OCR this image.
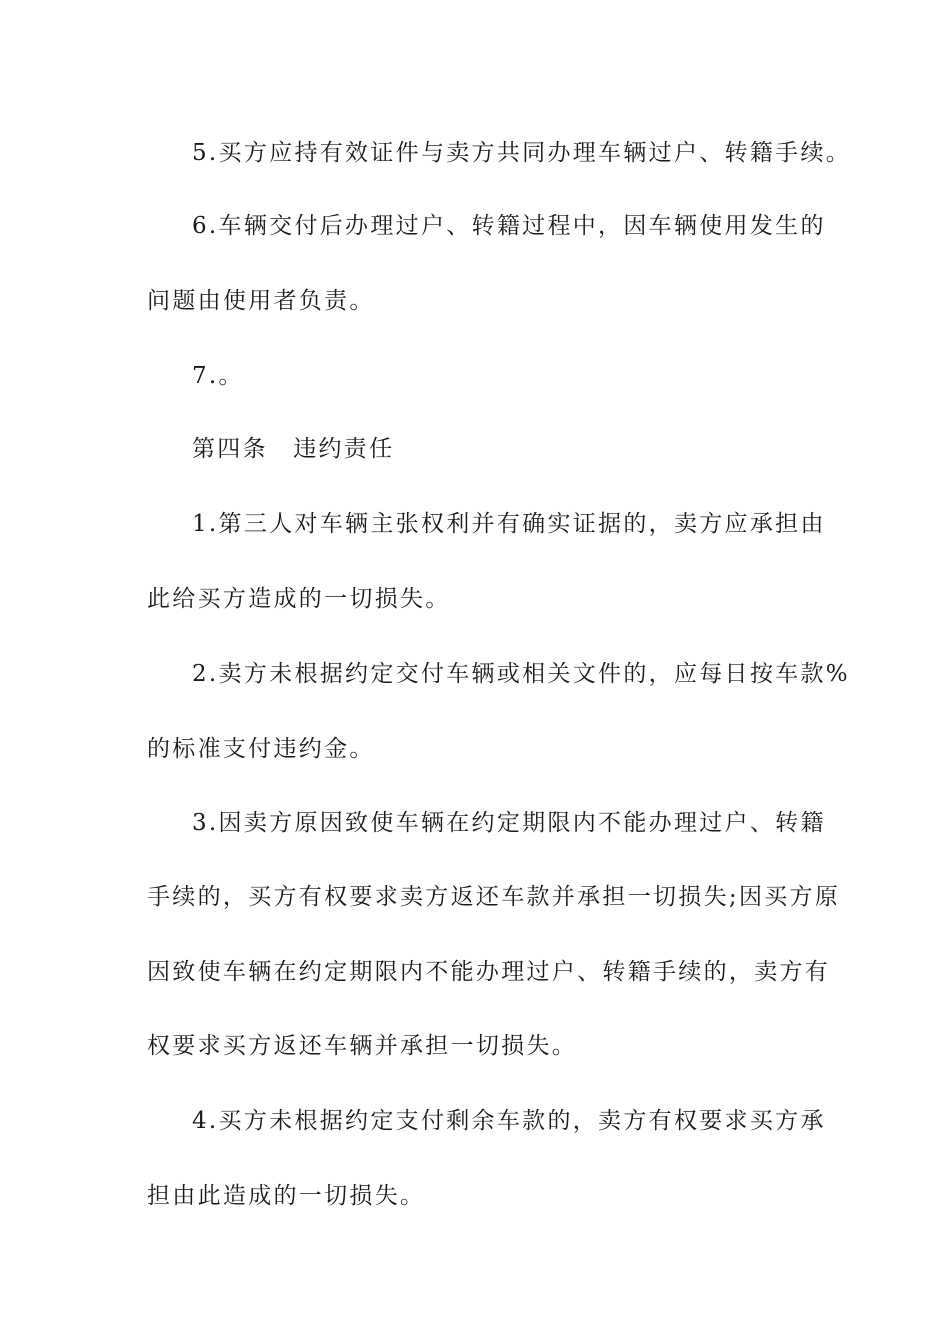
5.买方应持有效证件与卖方共同办理车辆过户、转籍手续。
6.车辆交付后办理过户、转籍过程中，因车辆使用发生的
问题由使用者负责。
7.。
第四条　违约责任
1.第三人对车辆主张权利并有确实证据的，卖方应承担由
此给买方造成的一切损失。
2.卖方未根据约定交付车辆或相关文件的，应每日按车款%
的标准支付违约金。
3.因卖方原因致使车辆在约定期限内不能办理过户、转籍
手续的，买方有权要求卖方返还车款并承担一切损失;因买方原
因致使车辆在约定期限内不能办理过户、转籍手续的，卖方有
权要求买方返还车辆并承担一切损失。
4.买方未根据约定支付剩余车款的，卖方有权要求买方承
担由此造成的一切损失。
